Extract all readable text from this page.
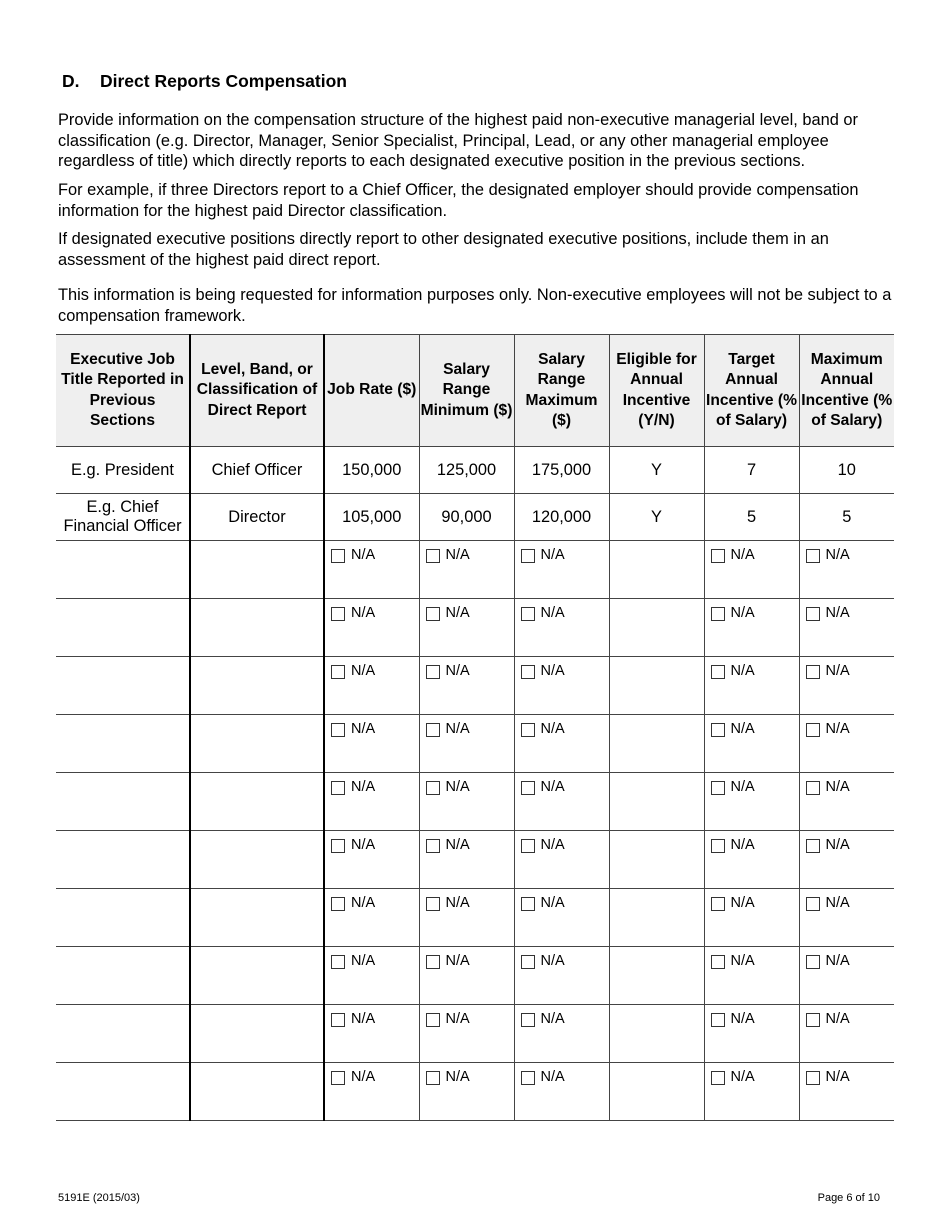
D. Direct Reports Compensation

Provide information on the compensation structure of the highest paid non-executive managerial level, band or classification (e.g. Director, Manager, Senior Specialist, Principal, Lead, or any other managerial employee regardless of title) which directly reports to each designated executive position in the previous sections.

For example, if three Directors report to a Chief Officer, the designated employer should provide compensation information for the highest paid Director classification.

If designated executive positions directly report to other designated executive positions, include them in an assessment of the highest paid direct report.

This information is being requested for information purposes only. Non-executive employees will not be subject to a compensation framework.

Executive Job Title Reported in Previous Sections	Level, Band, or Classification of Direct Report	Job Rate ($)	Salary Range Minimum ($)	Salary Range Maximum ($)	Eligible for Annual Incentive (Y/N)	Target Annual Incentive (% of Salary)	Maximum Annual Incentive (% of Salary)
E.g. President	Chief Officer	150,000	125,000	175,000	Y	7	10
E.g. Chief Financial Officer	Director	105,000	90,000	120,000	Y	5	5

		N/A	N/A	N/A		N/A	N/A

		N/A	N/A	N/A		N/A	N/A

		N/A	N/A	N/A		N/A	N/A

		N/A	N/A	N/A		N/A	N/A

		N/A	N/A	N/A		N/A	N/A

		N/A	N/A	N/A		N/A	N/A

		N/A	N/A	N/A		N/A	N/A

		N/A	N/A	N/A		N/A	N/A

		N/A	N/A	N/A		N/A	N/A

		N/A	N/A	N/A		N/A	N/A
5191E (2015/03)	Page 6 of 10
